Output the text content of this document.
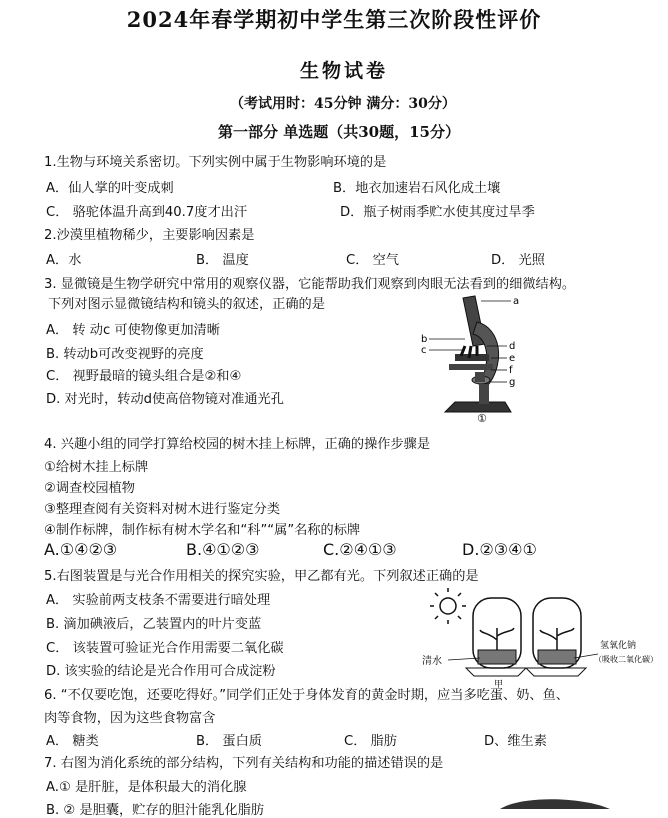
2024年春学期初中学生第三次阶段性评价
生物试卷
（考试用时：45分钟 满分：30分）
第一部分 单选题（共30题，15分）
1.生物与环境关系密切。下列实例中属于生物影响环境的是
A．仙人掌的叶变成刺	B．地衣加速岩石风化成土壤
C． 骆驼体温升高到40.7度才出汗	D．瓶子树雨季贮水使其度过旱季
2.沙漠里植物稀少，主要影响因素是
A．水	B． 温度	C． 空气	D． 光照
3. 显微镜是生物学研究中常用的观察仪器，它能帮助我们观察到肉眼无法看到的细微结构。
下列对图示显微镜结构和镜头的叙述，正确的是
A． 转 动c 可使物像更加清晰
B. 转动b可改变视野的亮度
C． 视野最暗的镜头组合是②和④
D. 对光时，转动d使高倍物镜对准通光孔
a
b
c	d
e
f
g
①
4. 兴趣小组的同学打算给校园的树木挂上标牌，正确的操作步骤是
①给树木挂上标牌
②调查校园植物
③整理查阅有关资料对树木进行鉴定分类
④制作标牌，制作标有树木学名和“科”“属”名称的标牌
A.①④②③	B.④①②③	C.②④①③	D.②③④①
5.右图装置是与光合作用相关的探究实验，甲乙都有光。下列叙述正确的是
A． 实验前两支枝条不需要进行暗处理
B. 滴加碘液后，乙装置内的叶片变蓝
C． 该装置可验证光合作用需要二氧化碳
D. 该实验的结论是光合作用可合成淀粉
清水
氢氧化钠
（吸收二氧化碳）
甲
6. “不仅要吃饱，还要吃得好。”同学们正处于身体发育的黄金时期，应当多吃蛋、奶、鱼、
肉等食物，因为这些食物富含
A． 糖类	B． 蛋白质	C． 脂肪	D、维生素
7. 右图为消化系统的部分结构，下列有关结构和功能的描述错误的是
A.① 是肝脏，是体积最大的消化腺
B. ② 是胆囊，贮存的胆汁能乳化脂肪
